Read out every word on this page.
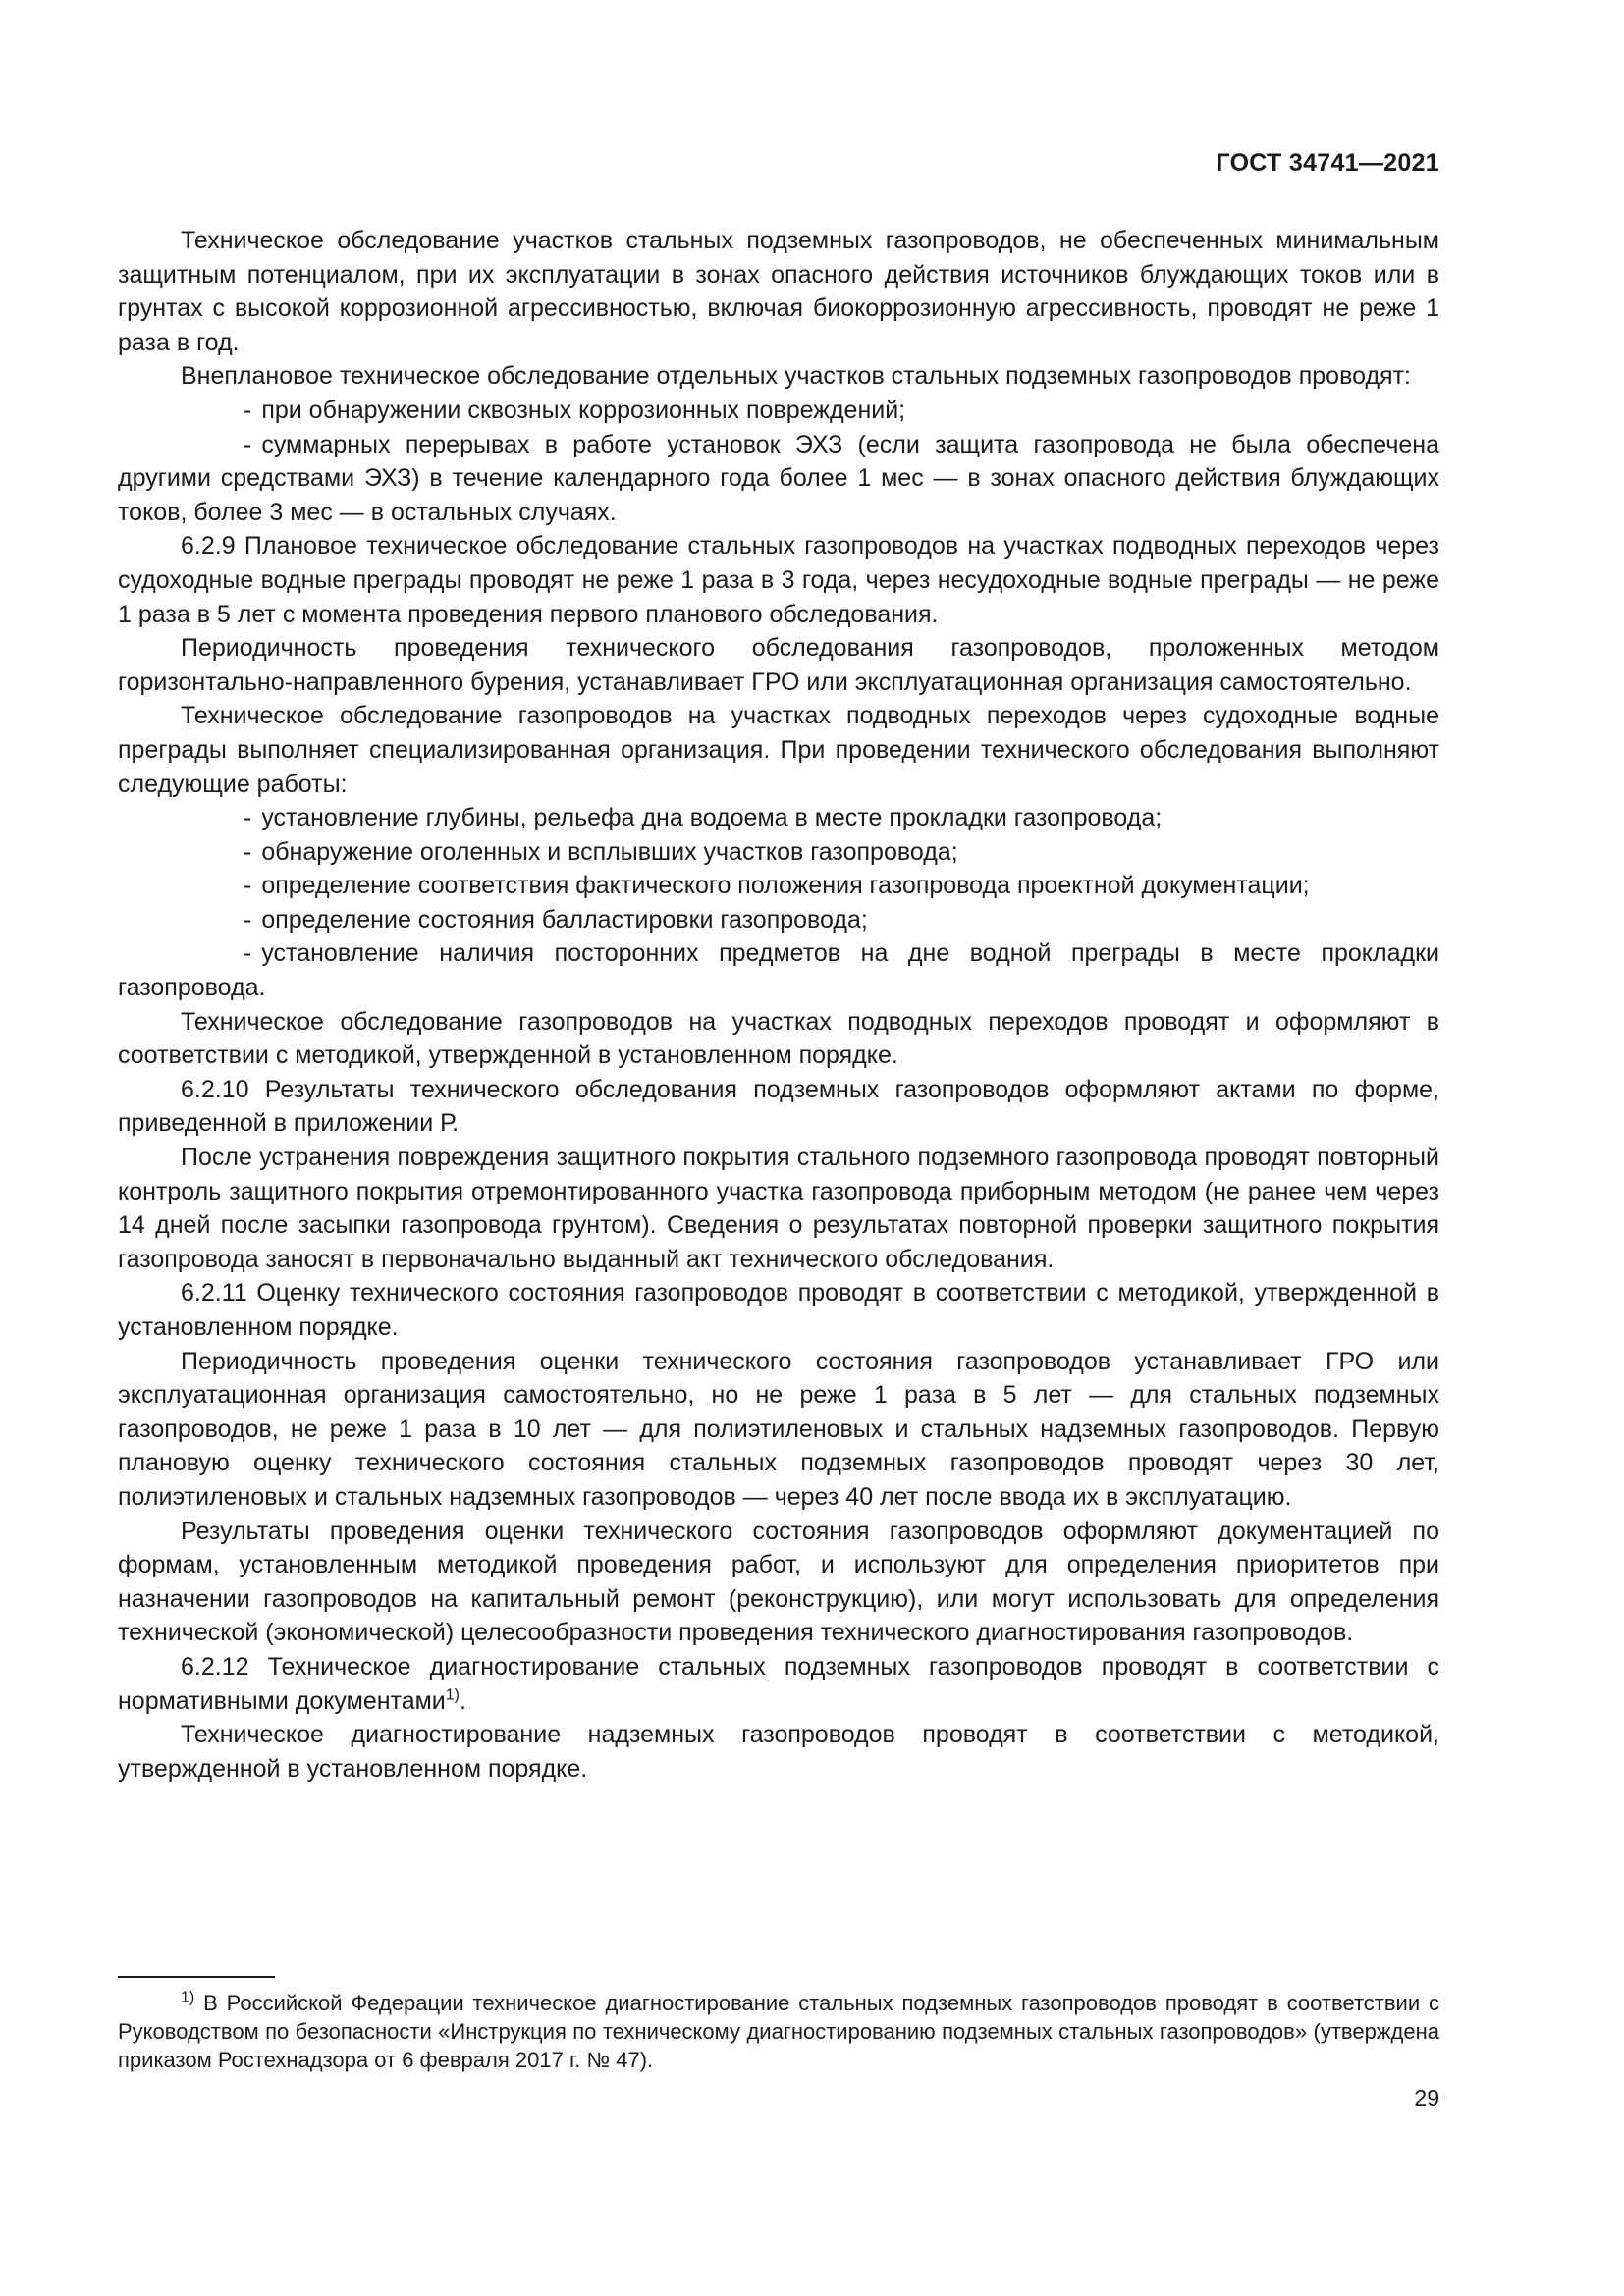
ГОСТ 34741—2021

Техническое обследование участков стальных подземных газопроводов, не обеспеченных минимальным защитным потенциалом, при их эксплуатации в зонах опасного действия источников блуждающих токов или в грунтах с высокой коррозионной агрессивностью, включая биокоррозионную агрессивность, проводят не реже 1 раза в год.

Внеплановое техническое обследование отдельных участков стальных подземных газопроводов проводят:

- при обнаружении сквозных коррозионных повреждений;

- суммарных перерывах в работе установок ЭХЗ (если защита газопровода не была обеспечена другими средствами ЭХЗ) в течение календарного года более 1 мес — в зонах опасного действия блуждающих токов, более 3 мес — в остальных случаях.

6.2.9 Плановое техническое обследование стальных газопроводов на участках подводных переходов через судоходные водные преграды проводят не реже 1 раза в 3 года, через несудоходные водные преграды — не реже 1 раза в 5 лет с момента проведения первого планового обследования.

Периодичность проведения технического обследования газопроводов, проложенных методом горизонтально-направленного бурения, устанавливает ГРО или эксплуатационная организация самостоятельно.

Техническое обследование газопроводов на участках подводных переходов через судоходные водные преграды выполняет специализированная организация. При проведении технического обследования выполняют следующие работы:

- установление глубины, рельефа дна водоема в месте прокладки газопровода;

- обнаружение оголенных и всплывших участков газопровода;

- определение соответствия фактического положения газопровода проектной документации;

- определение состояния балластировки газопровода;

- установление наличия посторонних предметов на дне водной преграды в месте прокладки газопровода.

Техническое обследование газопроводов на участках подводных переходов проводят и оформляют в соответствии с методикой, утвержденной в установленном порядке.

6.2.10 Результаты технического обследования подземных газопроводов оформляют актами по форме, приведенной в приложении Р.

После устранения повреждения защитного покрытия стального подземного газопровода проводят повторный контроль защитного покрытия отремонтированного участка газопровода приборным методом (не ранее чем через 14 дней после засыпки газопровода грунтом). Сведения о результатах повторной проверки защитного покрытия газопровода заносят в первоначально выданный акт технического обследования.

6.2.11 Оценку технического состояния газопроводов проводят в соответствии с методикой, утвержденной в установленном порядке.

Периодичность проведения оценки технического состояния газопроводов устанавливает ГРО или эксплуатационная организация самостоятельно, но не реже 1 раза в 5 лет — для стальных подземных газопроводов, не реже 1 раза в 10 лет — для полиэтиленовых и стальных надземных газопроводов. Первую плановую оценку технического состояния стальных подземных газопроводов проводят через 30 лет, полиэтиленовых и стальных надземных газопроводов — через 40 лет после ввода их в эксплуатацию.

Результаты проведения оценки технического состояния газопроводов оформляют документацией по формам, установленным методикой проведения работ, и используют для определения приоритетов при назначении газопроводов на капитальный ремонт (реконструкцию), или могут использовать для определения технической (экономической) целесообразности проведения технического диагностирования газопроводов.

6.2.12 Техническое диагностирование стальных подземных газопроводов проводят в соответствии с нормативными документами$^{1)}$.

Техническое диагностирование надземных газопроводов проводят в соответствии с методикой, утвержденной в установленном порядке.

$^{1)}$ В Российской Федерации техническое диагностирование стальных подземных газопроводов проводят в соответствии с Руководством по безопасности «Инструкция по техническому диагностированию подземных стальных газопроводов» (утверждена приказом Ростехнадзора от 6 февраля 2017 г. № 47).

29
